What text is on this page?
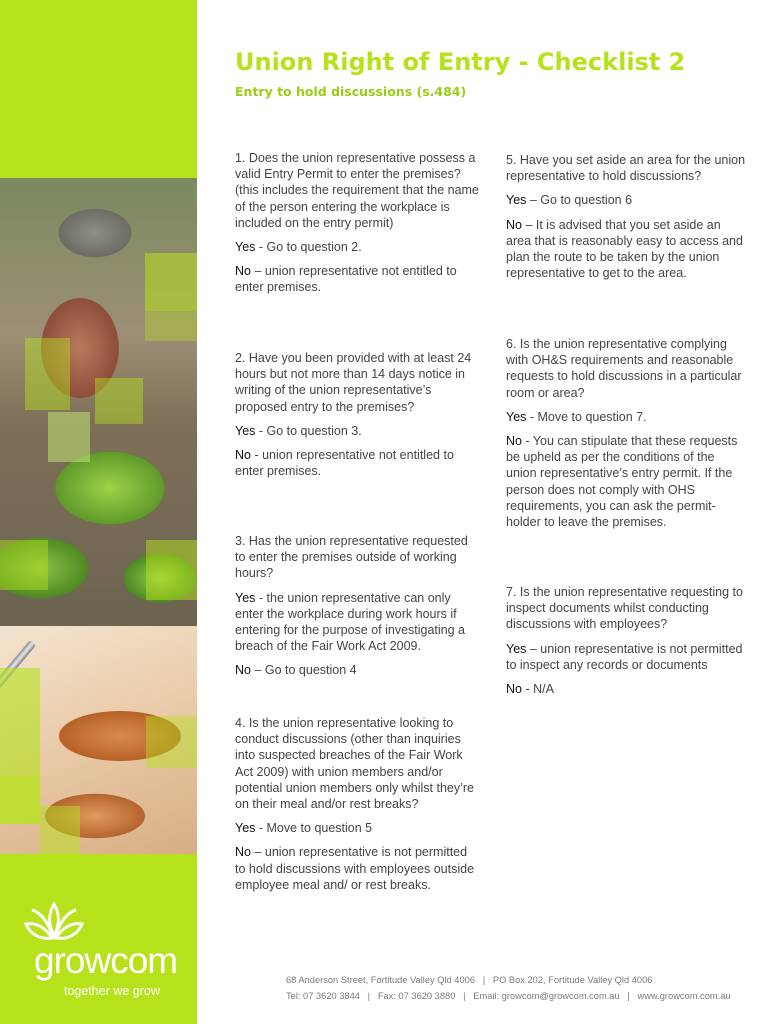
growcom
together we grow
Union Right of Entry - Checklist 2
Entry to hold discussions (s.484)

1. Does the union representative possess a valid Entry Permit to enter the premises? (this includes the requirement that the name of the person entering the workplace is included on the entry permit)

Yes - Go to question 2.

No – union representative not entitled to enter premises.

2. Have you been provided with at least 24 hours but not more than 14 days notice in writing of the union representative’s proposed entry to the premises?

Yes - Go to question 3.

No - union representative not entitled to enter premises.

3. Has the union representative requested to enter the premises outside of working hours?

Yes - the union representative can only enter the workplace during work hours if entering for the purpose of investigating a breach of the Fair Work Act 2009.

No – Go to question 4

4. Is the union representative looking to conduct discussions (other than inquiries into suspected breaches of the Fair Work Act 2009) with union members and/or potential union members only whilst they’re on their meal and/or rest breaks?

Yes - Move to question 5

No – union representative is not permitted to hold discussions with employees outside employee meal and/ or rest breaks.

5. Have you set aside an area for the union representative to hold discussions?

Yes – Go to question 6

No – It is advised that you set aside an area that is reasonably easy to access and plan the route to be taken by the union representative to get to the area.

6. Is the union representative complying with OH&S requirements and reasonable requests to hold discussions in a particular room or area?

Yes - Move to question 7.

No - You can stipulate that these requests be upheld as per the conditions of the union representative’s entry permit. If the person does not comply with OHS requirements, you can ask the permit-holder to leave the premises.

7. Is the union representative requesting to inspect documents whilst conducting discussions with employees?

Yes – union representative is not permitted to inspect any records or documents

No - N/A

68 Anderson Street, Fortitude Valley Qld 4006   |   PO Box 202, Fortitude Valley Qld 4006
Tel: 07 3620 3844   |   Fax: 07 3620 3880   |   Email: growcom@growcom.com.au   |   www.growcom.com.au
